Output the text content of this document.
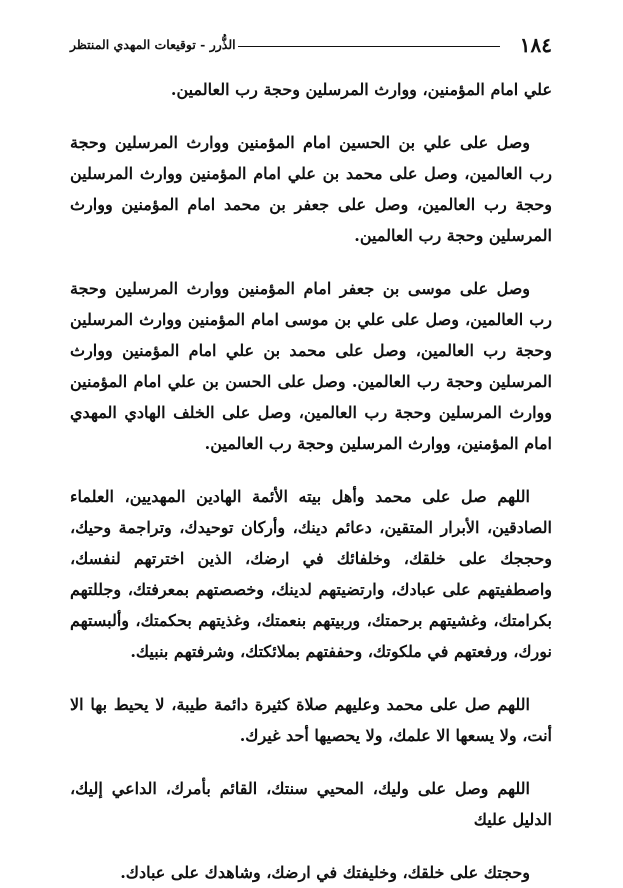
١٨٤
الذُّرر - توقيعات المهدي المنتظر

علي امام المؤمنين، ووارث المرسلين وحجة رب العالمين.

وصل على علي بن الحسين امام المؤمنين ووارث المرسلين وحجة رب العالمين، وصل على محمد بن علي امام المؤمنين ووارث المرسلين وحجة رب العالمين، وصل على جعفر بن محمد امام المؤمنين ووارث المرسلين وحجة رب العالمين.

وصل على موسى بن جعفر امام المؤمنين ووارث المرسلين وحجة رب العالمين، وصل على علي بن موسى امام المؤمنين ووارث المرسلين وحجة رب العالمين، وصل على محمد بن علي امام المؤمنين ووارث المرسلين وحجة رب العالمين. وصل على الحسن بن علي امام المؤمنين ووارث المرسلين وحجة رب العالمين، وصل على الخلف الهادي المهدي امام المؤمنين، ووارث المرسلين وحجة رب العالمين.

اللهم صل على محمد وأهل بيته الأئمة الهادين المهديين، العلماء الصادقين، الأبرار المتقين، دعائم دينك، وأركان توحيدك، وتراجمة وحيك، وحججك على خلقك، وخلفائك في ارضك، الذين اخترتهم لنفسك، واصطفيتهم على عبادك، وارتضيتهم لدينك، وخصصتهم بمعرفتك، وجللتهم بكرامتك، وغشيتهم برحمتك، وربيتهم بنعمتك، وغذيتهم بحكمتك، وألبستهم نورك، ورفعتهم في ملكوتك، وحففتهم بملائكتك، وشرفتهم بنبيك.

اللهم صل على محمد وعليهم صلاة كثيرة دائمة طيبة، لا يحيط بها الا أنت، ولا يسعها الا علمك، ولا يحصيها أحد غيرك.

اللهم وصل على وليك، المحيي سنتك، القائم بأمرك، الداعي إليك، الدليل عليك

وحجتك على خلقك، وخليفتك في ارضك، وشاهدك على عبادك.
